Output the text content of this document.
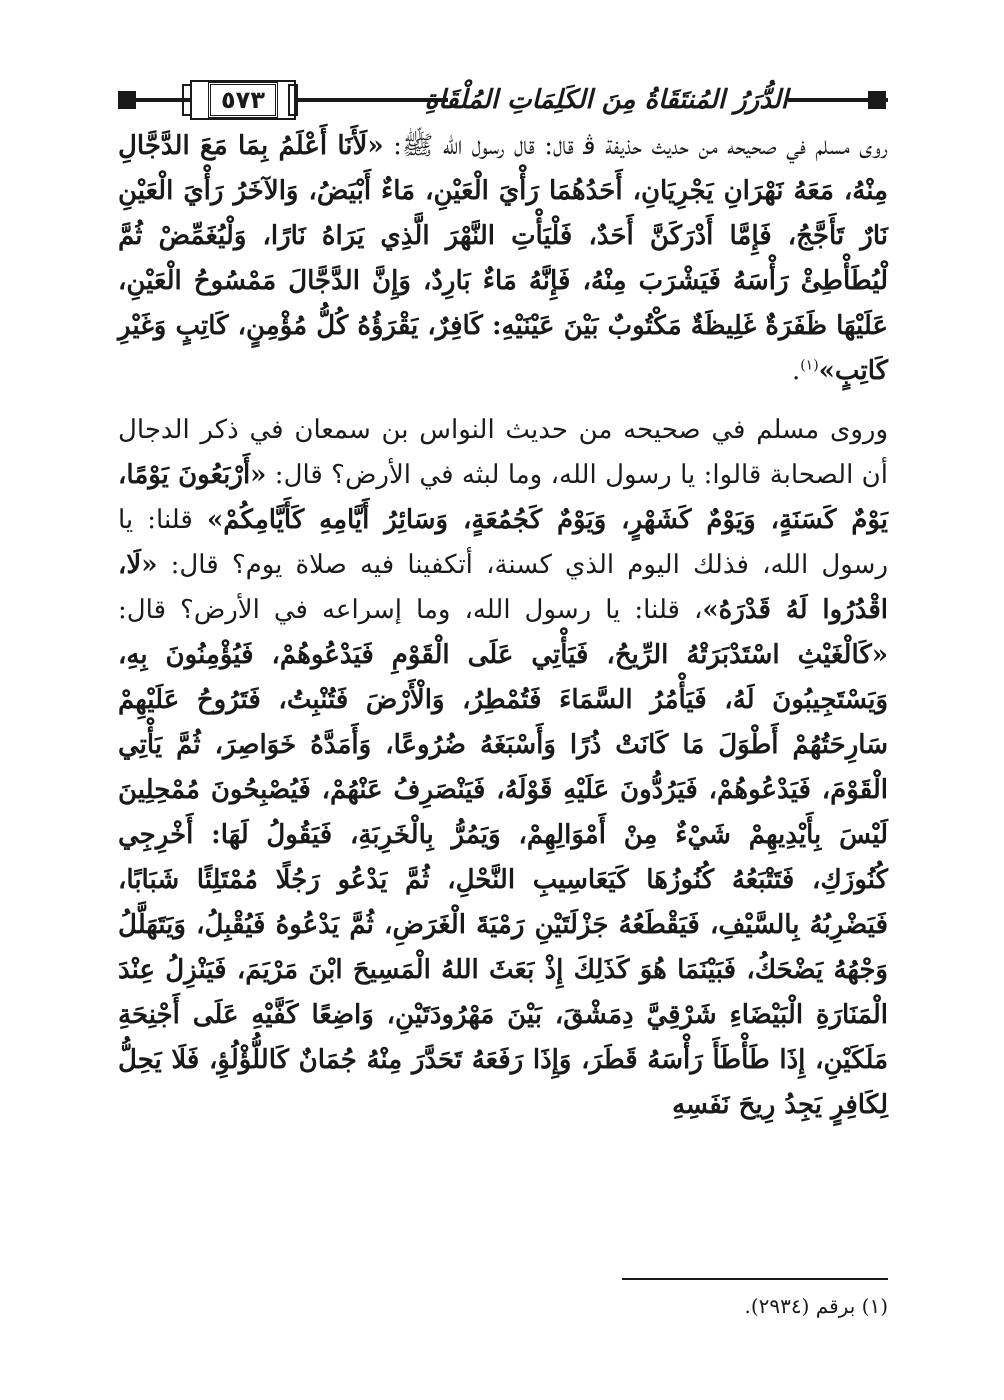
٥٧٣	الدُّرَرُ المُنتَقَاةُ مِنَ الكَلِمَاتِ المُلْقَاةِ

روى مسلم في صحيحه من حديث حذيفة ﭬ قال: قال رسول الله ﷺ: «لَأَنَا أَعْلَمُ بِمَا مَعَ الدَّجَّالِ مِنْهُ، مَعَهُ نَهْرَانِ يَجْرِيَانِ، أَحَدُهُمَا رَأْيَ الْعَيْنِ، مَاءٌ أَبْيَضُ، وَالآخَرُ رَأْيَ الْعَيْنِ نَارٌ تَأَجَّجُ، فَإِمَّا أَدْرَكَنَّ أَحَدٌ، فَلْيَأْتِ النَّهْرَ الَّذِي يَرَاهُ نَارًا، وَلْيُغَمِّضْ ثُمَّ لْيُطَأْطِئْ رَأْسَهُ فَيَشْرَبَ مِنْهُ، فَإِنَّهُ مَاءٌ بَارِدٌ، وَإِنَّ الدَّجَّالَ مَمْسُوحُ الْعَيْنِ، عَلَيْهَا ظَفَرَةٌ غَلِيظَةٌ مَكْتُوبٌ بَيْنَ عَيْنَيْهِ: كَافِرٌ، يَقْرَؤُهُ كُلُّ مُؤْمِنٍ، كَاتِبٍ وَغَيْرِ كَاتِبٍ»$^{(١)}$.

وروى مسلم في صحيحه من حديث النواس بن سمعان في ذكر الدجال أن الصحابة قالوا: يا رسول الله، وما لبثه في الأرض؟ قال: «أَرْبَعُونَ يَوْمًا، يَوْمٌ كَسَنَةٍ، وَيَوْمٌ كَشَهْرٍ، وَيَوْمٌ كَجُمُعَةٍ، وَسَائِرُ أَيَّامِهِ كَأَيَّامِكُمْ» قلنا: يا رسول الله، فذلك اليوم الذي كسنة، أتكفينا فيه صلاة يوم؟ قال: «لَا، اقْدُرُوا لَهُ قَدْرَهُ»، قلنا: يا رسول الله، وما إسراعه في الأرض؟ قال: «كَالْغَيْثِ اسْتَدْبَرَتْهُ الرِّيحُ، فَيَأْتِي عَلَى الْقَوْمِ فَيَدْعُوهُمْ، فَيُؤْمِنُونَ بِهِ، وَيَسْتَجِيبُونَ لَهُ، فَيَأْمُرُ السَّمَاءَ فَتُمْطِرُ، وَالْأَرْضَ فَتُنْبِتُ، فَتَرُوحُ عَلَيْهِمْ سَارِحَتُهُمْ أَطْوَلَ مَا كَانَتْ ذُرًا وَأَسْبَغَهُ ضُرُوعًا، وَأَمَدَّهُ خَوَاصِرَ، ثُمَّ يَأْتِي الْقَوْمَ، فَيَدْعُوهُمْ، فَيَرُدُّونَ عَلَيْهِ قَوْلَهُ، فَيَنْصَرِفُ عَنْهُمْ، فَيُصْبِحُونَ مُمْحِلِينَ لَيْسَ بِأَيْدِيهِمْ شَيْءٌ مِنْ أَمْوَالِهِمْ، وَيَمُرُّ بِالْخَرِبَةِ، فَيَقُولُ لَهَا: أَخْرِجِي كُنُوزَكِ، فَتَتْبَعُهُ كُنُوزُهَا كَيَعَاسِيبِ النَّحْلِ، ثُمَّ يَدْعُو رَجُلًا مُمْتَلِئًا شَبَابًا، فَيَضْرِبُهُ بِالسَّيْفِ، فَيَقْطَعُهُ جَزْلَتَيْنِ رَمْيَةَ الْغَرَضِ، ثُمَّ يَدْعُوهُ فَيُقْبِلُ، وَيَتَهَلَّلُ وَجْهُهُ يَضْحَكُ، فَبَيْنَمَا هُوَ كَذَلِكَ إِذْ بَعَثَ اللهُ الْمَسِيحَ ابْنَ مَرْيَمَ، فَيَنْزِلُ عِنْدَ الْمَنَارَةِ الْبَيْضَاءِ شَرْقِيَّ دِمَشْقَ، بَيْنَ مَهْرُودَتَيْنِ، وَاضِعًا كَفَّيْهِ عَلَى أَجْنِحَةِ مَلَكَيْنِ، إِذَا طَأْطَأَ رَأْسَهُ قَطَرَ، وَإِذَا رَفَعَهُ تَحَدَّرَ مِنْهُ جُمَانٌ كَاللُّؤْلُؤِ، فَلَا يَحِلُّ لِكَافِرٍ يَجِدُ رِيحَ نَفَسِهِ

(١) برقم (٢٩٣٤).
